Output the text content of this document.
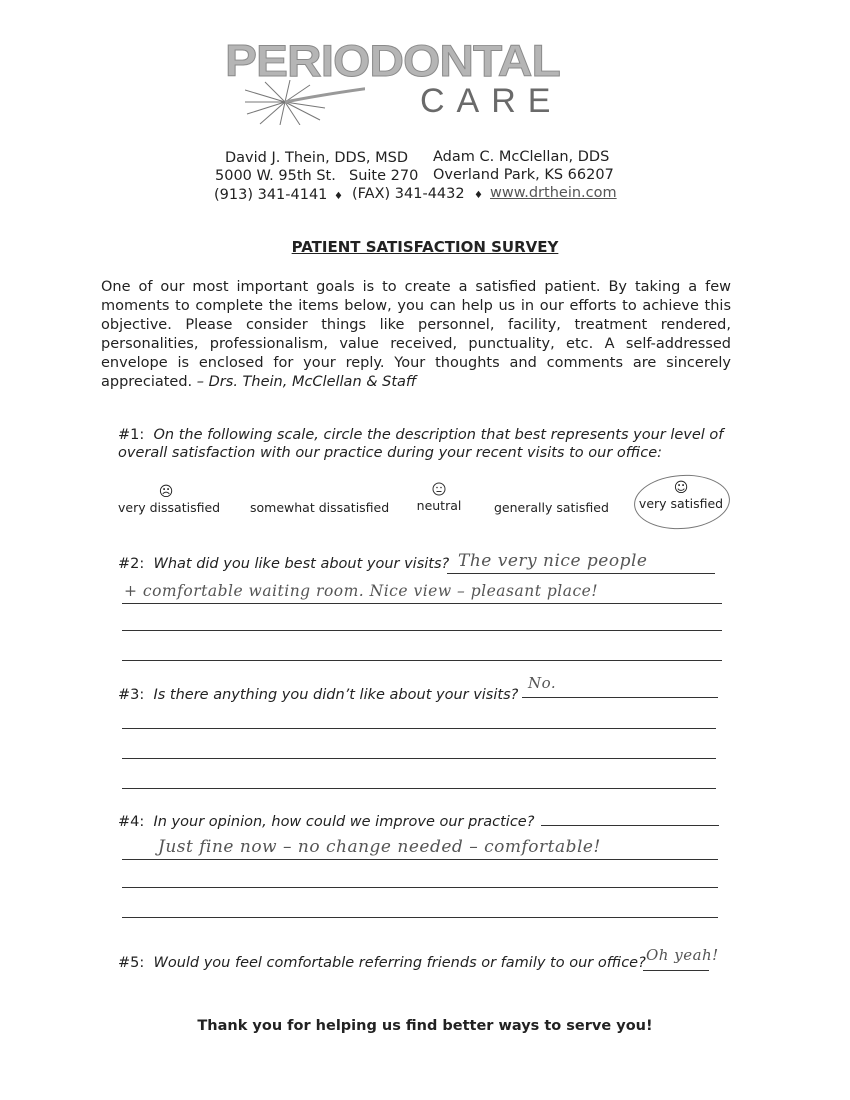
PERIODONTAL
CARE
David J. Thein, DDS, MSD Adam C. McClellan, DDS
5000 W. 95th St. Suite 270 Overland Park, KS 66207
(913) 341-4141 ♦ (FAX) 341-4432 ♦ www.drthein.com
PATIENT SATISFACTION SURVEY
One of our most important goals is to create a satisfied patient. By taking a few moments to complete the items below, you can help us in our efforts to achieve this objective. Please consider things like personnel, facility, treatment rendered, personalities, professionalism, value received, punctuality, etc. A self-addressed envelope is enclosed for your reply. Your thoughts and comments are sincerely appreciated. – Drs. Thein, McClellan & Staff
#1: On the following scale, circle the description that best represents your level of
overall satisfaction with our practice during your recent visits to our office:
☹
very dissatisfied somewhat dissatisfied	neutral	generally satisfied
☺
very satisfied
#2: What did you like best about your visits? The very nice people
+ comfortable waiting room. Nice view – pleasant place!
#3: Is there anything you didn’t like about your visits?
No.
#4: In your opinion, how could we improve our practice?
Just fine now – no change needed – comfortable!
#5: Would you feel comfortable referring friends or family to our office? Oh yeah!
Thank you for helping us find better ways to serve you!
